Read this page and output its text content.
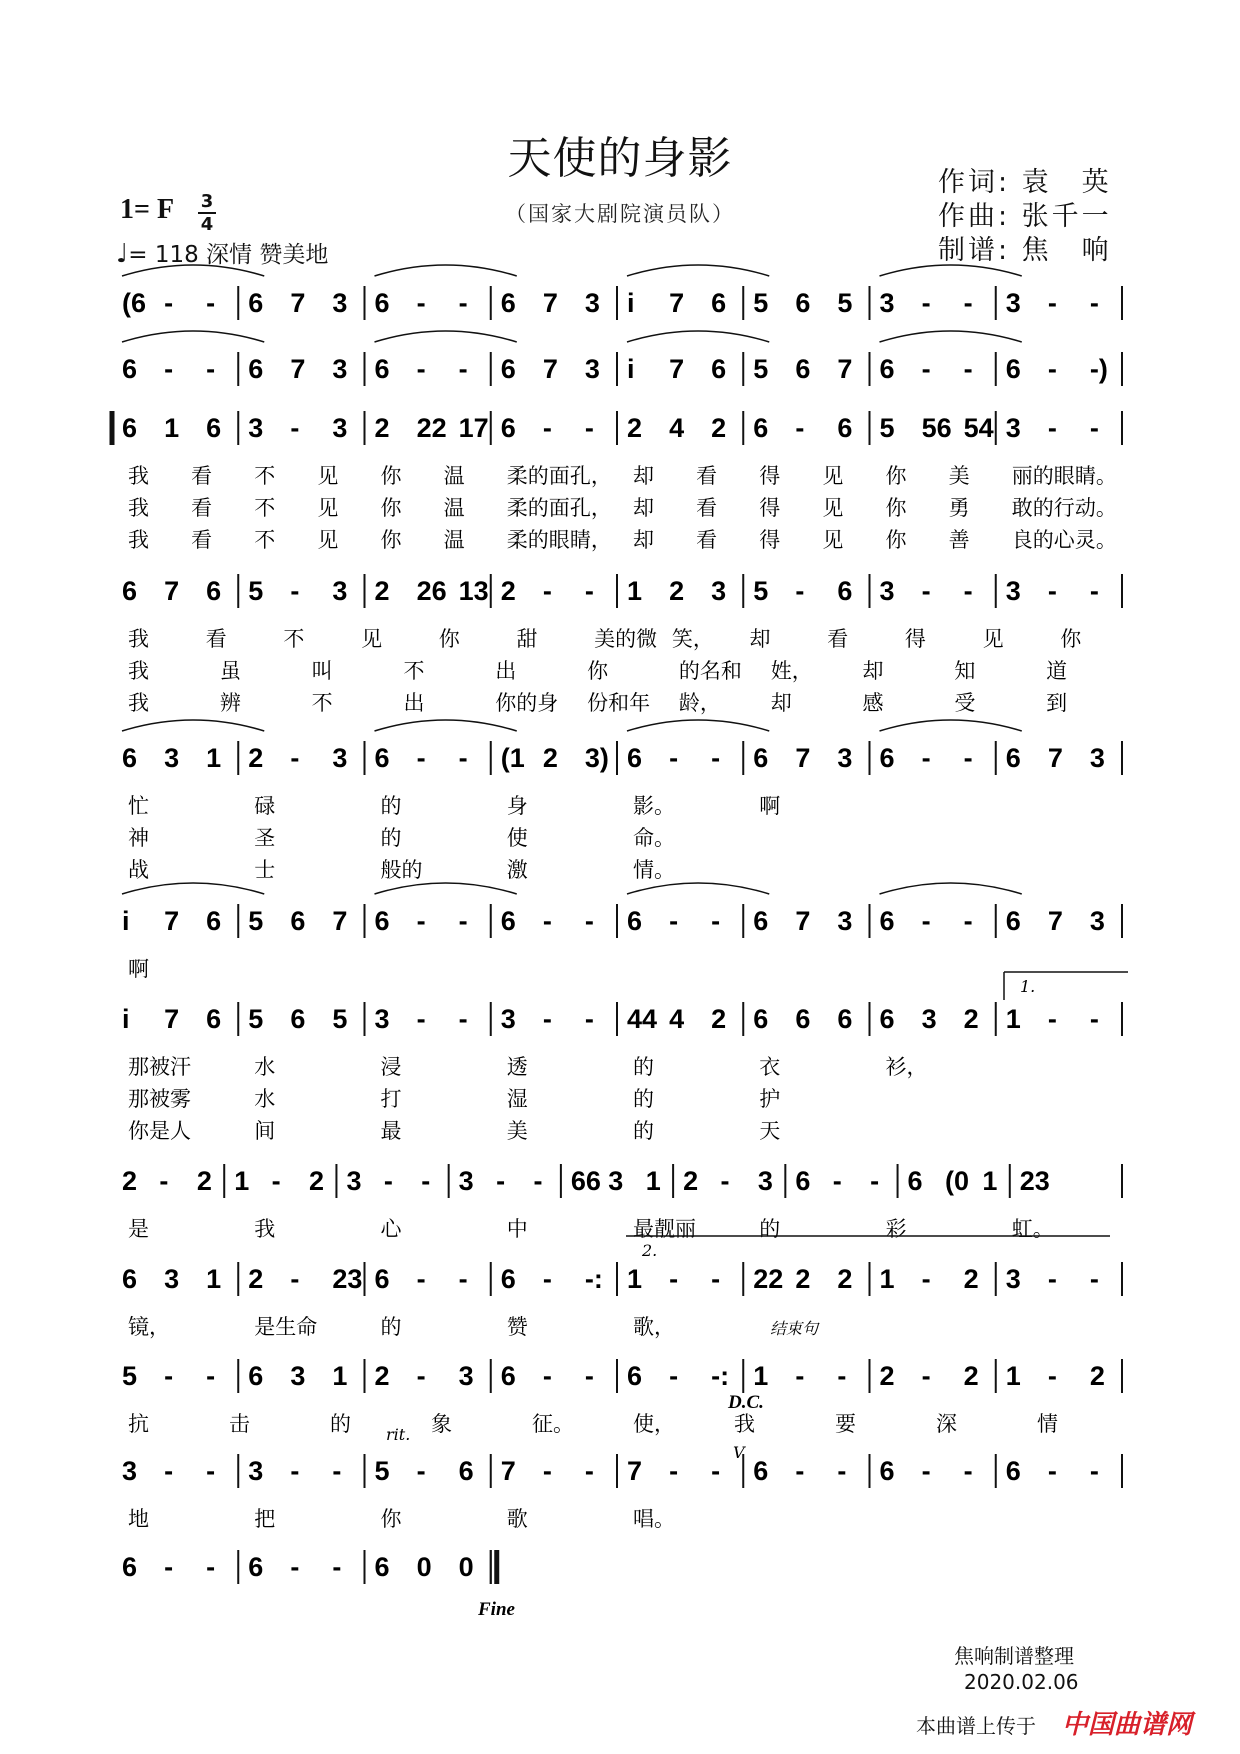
天使的身影
（国家大剧院演员队）
作词: 袁　英
作曲: 张千一
制谱: 焦　响
1= F 3
4
♩= 118 深情 赞美地
(6 - - 6 7 3 6 - - 6 7 3 i 7 6 5 6 5 3 - - 3 - -
6 - - 6 7 3 6 - - 6 7 3 i 7 6 5 6 7 6 - - 6 - -)
6 1 6 3 - 3 2 22 17 6 - - 2 4 2 6 - 6 5 56 54 3 - -
我 看 不 见 你 温 柔的面 孔， 却 看 得 见 你 美 丽的眼 睛。
我 看 不 见 你 温 柔的面 孔， 却 看 得 见 你 勇 敢的行 动。
我 看 不 见 你 温 柔的眼 睛， 却 看 得 见 你 善 良的心 灵。
6 7 6 5 - 3 2 26 13 2 - - 1 2 3 5 - 6 3 - - 3 - -
我	看	不	见	你	甜	美的微 笑， 却	看	得	见	你
我	虽	叫	不	出	你	的名和 姓， 却	知	道
我	辨	不	出	你的身 份和年 龄， 却	感	受	到
6 3 1 2 - 3 6 - - (1 2 3) 6 - - 6 7 3 6 - - 6 7 3
忙	碌	的	身	影。	啊
神	圣	的	使	命。
战	士	般的	激	情。
i 7 6 5 6 7 6 - - 6 - - 6 - - 6 7 3 6 - - 6 7 3
啊
i 7 6 5 6 5 3 - - 3 - - 44 4 2 6 6 6 6 3 2 1 - -
那被汗	水	浸	透	的	衣	衫，
那被雾	水	打	湿	的	护
你是人	间	最	美	的	天
2 - 2 1 - 2 3 - - 3 - - 66 3 1 2 - 3 6 - - 6 (0 1 23
是	我	心	中	最靓丽	的	彩	虹。
6 3 1 2 - 23 6 - - 6 - -: 1 - - 22 2 2 1 - 2 3 - -
镜，	是生命	的	赞	歌，
5 - - 6 3 1 2 - 3 6 - - 6 - -: 1 - - 2 - 2 1 - 2
抗	击	的	象	征。	使，	我	要	深	情
3 - - 3 - - 5 - 6 7 - - 7 - - 6 - - 6 - - 6 - -
地	把	你	歌	唱。
6 - - 6 - - 6 0 0
1.
2.
结束句
D.C.
rit.
Fine
V
焦响制谱整理
2020.02.06
本曲谱上传于 中国曲谱网
